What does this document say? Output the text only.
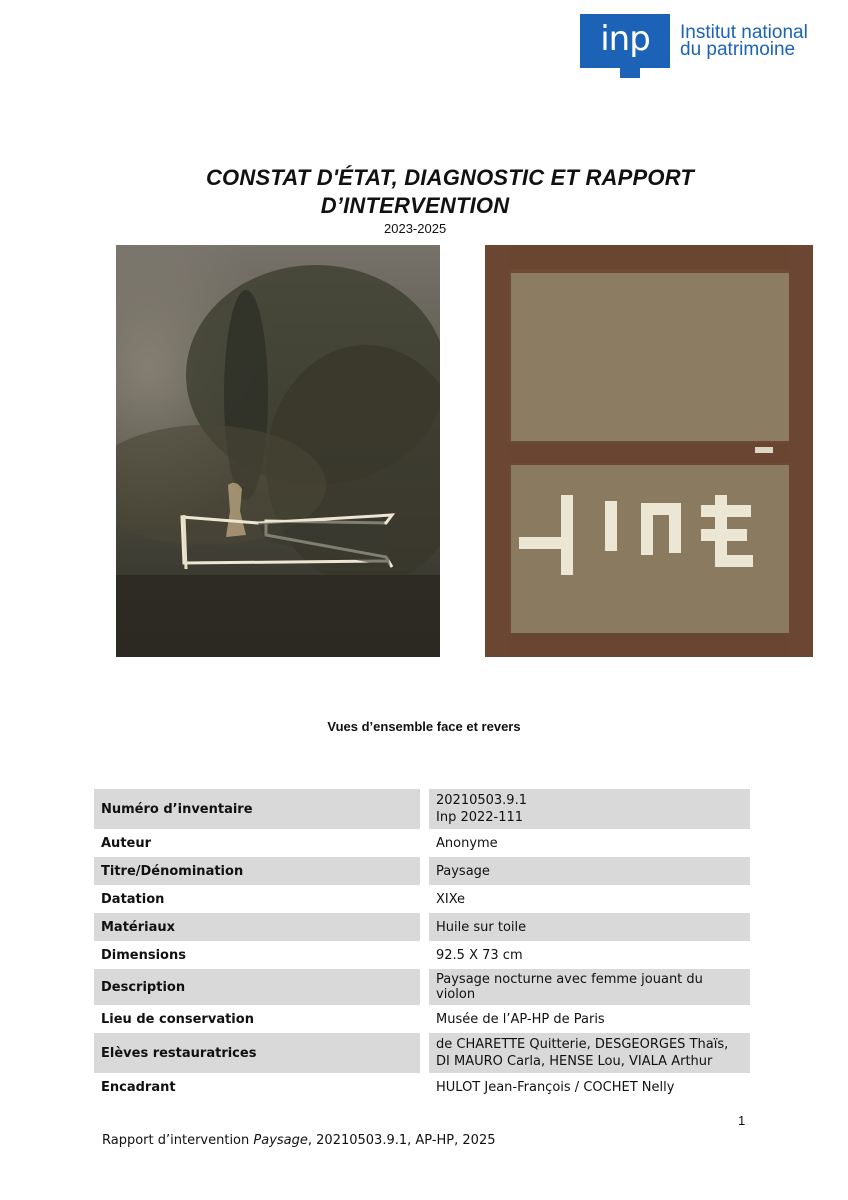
inp	Institut national
du patrimoine
CONSTAT D'ÉTAT, DIAGNOSTIC ET RAPPORT
D’INTERVENTION
2023-2025
Vues d’ensemble face et revers
Numéro d’inventaire	20210503.9.1
Inp 2022-111

Auteur	Anonyme
Titre/Dénomination	Paysage
Datation	XIXe
Matériaux	Huile sur toile
Dimensions	92.5 X 73 cm
Description	Paysage nocturne avec femme jouant du violon
Lieu de conservation	Musée de l’AP-HP de Paris
Elèves restauratrices	de CHARETTE Quitterie, DESGEORGES Thaïs,
DI MAURO Carla, HENSE Lou, VIALA Arthur

Encadrant	HULOT Jean-François / COCHET Nelly
1
Rapport d’intervention Paysage, 20210503.9.1, AP-HP, 2025
